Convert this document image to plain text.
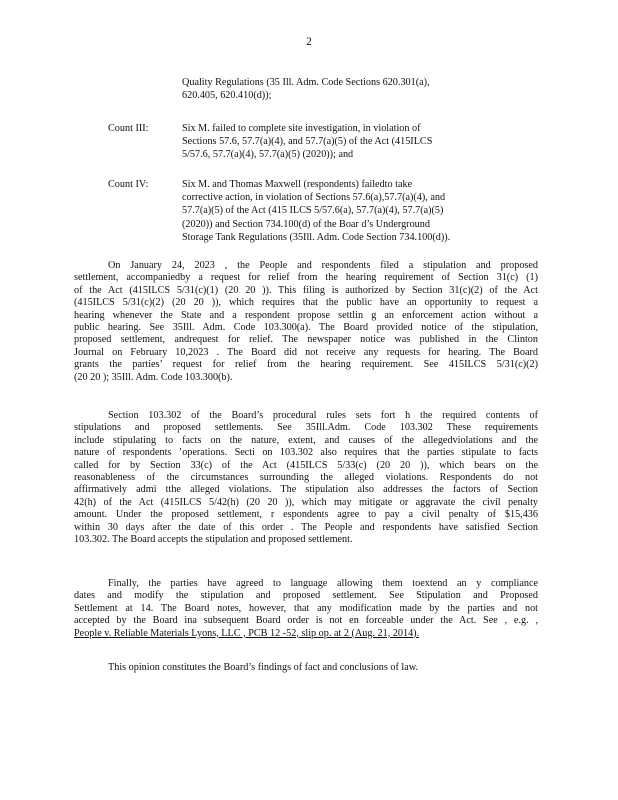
2
Quality Regulations (35 Ill. Adm. Code Sections 620.301(a),
620.405, 620.410(d));
Count III:	Six M. failed to complete site investigation, in violation of
Sections 57.6, 57.7(a)(4), and 57.7(a)(5) of the Act (415ILCS
5/57.6, 57.7(a)(4), 57.7(a)(5) (2020)); and
Count IV:	Six M. and Thomas Maxwell (respondents) failedto take
corrective action, in violation of Sections 57.6(a),57.7(a)(4), and
57.7(a)(5) of the Act (415 ILCS 5/57.6(a), 57.7(a)(4), 57.7(a)(5)
(2020)) and Section 734.100(d) of the Boar d’s Underground
Storage Tank Regulations (35Ill. Adm. Code Section 734.100(d)).
On January 24, 2023 , the People and respondents filed a stipulation and proposed
settlement, accompaniedby a request for relief from the hearing requirement of Section 31(c) (1)
of the Act (415ILCS 5/31(c)(1) (20 20 )). This filing is authorized by Section 31(c)(2) of the Act
(415ILCS 5/31(c)(2) (20 20 )), which requires that the public have an opportunity to request a
hearing whenever the State and a respondent propose settlin g an enforcement action without a
public hearing. See 35Ill. Adm. Code 103.300(a). The Board provided notice of the stipulation,
proposed settlement, andrequest for relief. The newspaper notice was published in the Clinton
Journal on February 10,2023 . The Board did not receive any requests for hearing. The Board
grants the parties’ request for relief from the hearing requirement. See 415ILCS 5/31(c)(2)
(20 20 ); 35Ill. Adm. Code 103.300(b).
Section 103.302 of the Board’s procedural rules sets fort h the required contents of
stipulations and proposed settlements. See 35Ill.Adm. Code 103.302 These requirements
include stipulating to facts on the nature, extent, and causes of the allegedviolations and the
nature of respondents ’operations. Secti on 103.302 also requires that the parties stipulate to facts
called for by Section 33(c) of the Act (415ILCS 5/33(c) (20 20 )), which bears on the
reasonableness of the circumstances surrounding the alleged violations. Respondents do not
affirmatively admi tthe alleged violations. The stipulation also addresses the factors of Section
42(h) of the Act (415ILCS 5/42(h) (20 20 )), which may mitigate or aggravate the civil penalty
amount. Under the proposed settlement, r espondents agree to pay a civil penalty of $15,436
within 30 days after the date of this order . The People and respondents have satisfied Section
103.302. The Board accepts the stipulation and proposed settlement.
Finally, the parties have agreed to language allowing them toextend an y compliance
dates and modify the stipulation and proposed settlement. See Stipulation and Proposed
Settlement at 14. The Board notes, however, that any modification made by the parties and not
accepted by the Board ina subsequent Board order is not en forceable under the Act. See , e.g. ,
People v. Reliable Materials Lyons, LLC , PCB 12 -52, slip op. at 2 (Aug. 21, 2014).
This opinion constitutes the Board’s findings of fact and conclusions of law.
